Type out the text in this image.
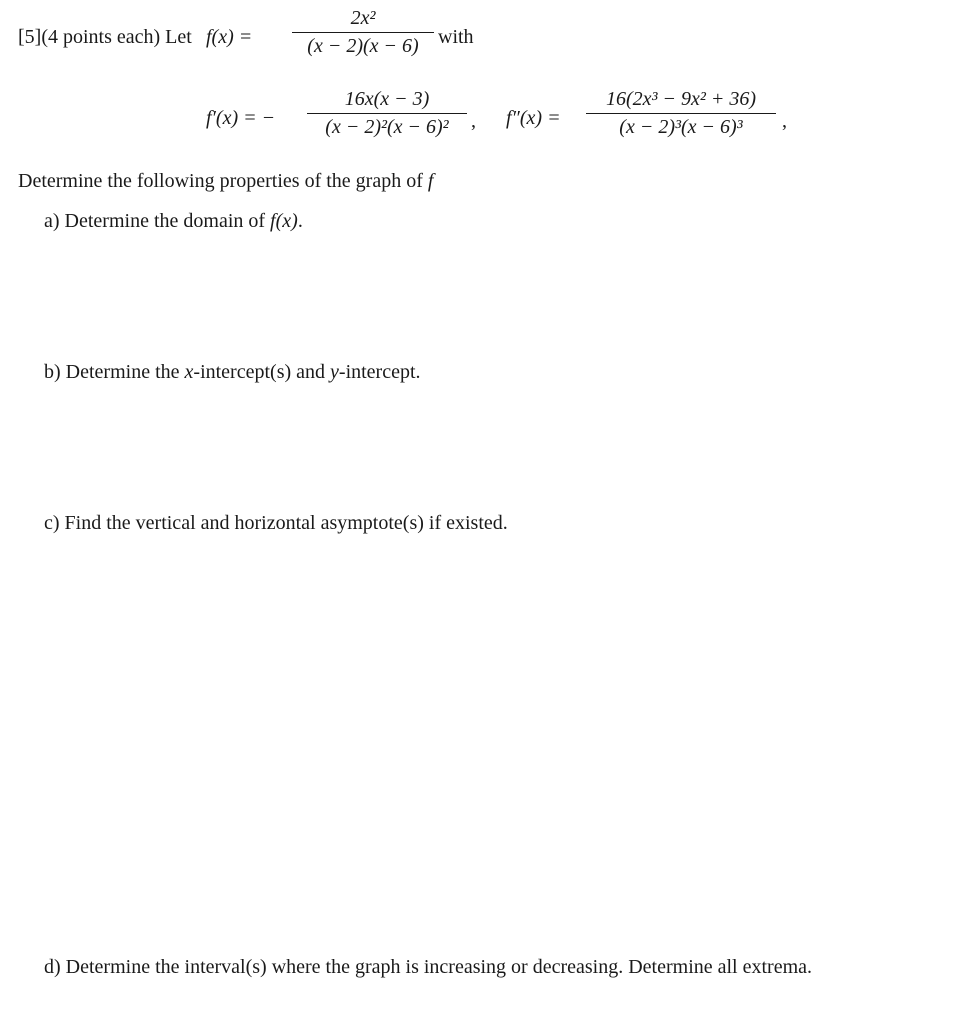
[5](4 points each) Let f(x) =
2x²
(x − 2)(x − 6) with
f′(x) = −
16x(x − 3)
(x − 2)²(x − 6)² , f″(x) =
16(2x³ − 9x² + 36)
(x − 2)³(x − 6)³ ,
Determine the following properties of the graph of f
a) Determine the domain of f(x).
b) Determine the x-intercept(s) and y-intercept.
c) Find the vertical and horizontal asymptote(s) if existed.
d) Determine the interval(s) where the graph is increasing or decreasing. Determine all extrema.
